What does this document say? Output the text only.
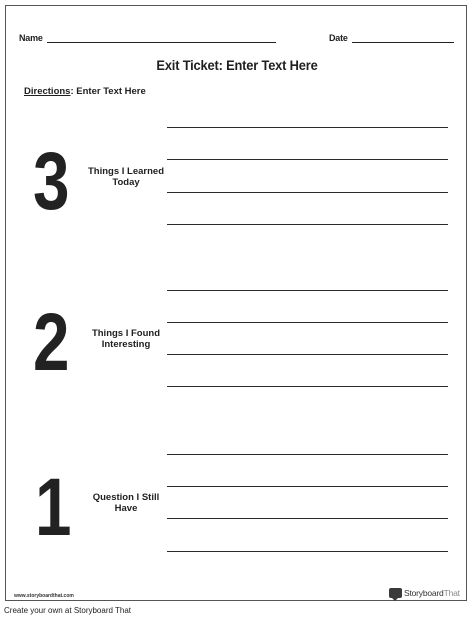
Name	Date
Exit Ticket: Enter Text Here
Directions: Enter Text Here
3 Things I Learned Today
2	Things I Found Interesting
1	Question I Still Have
www.storyboardthat.com	StoryboardThat
Create your own at Storyboard That
